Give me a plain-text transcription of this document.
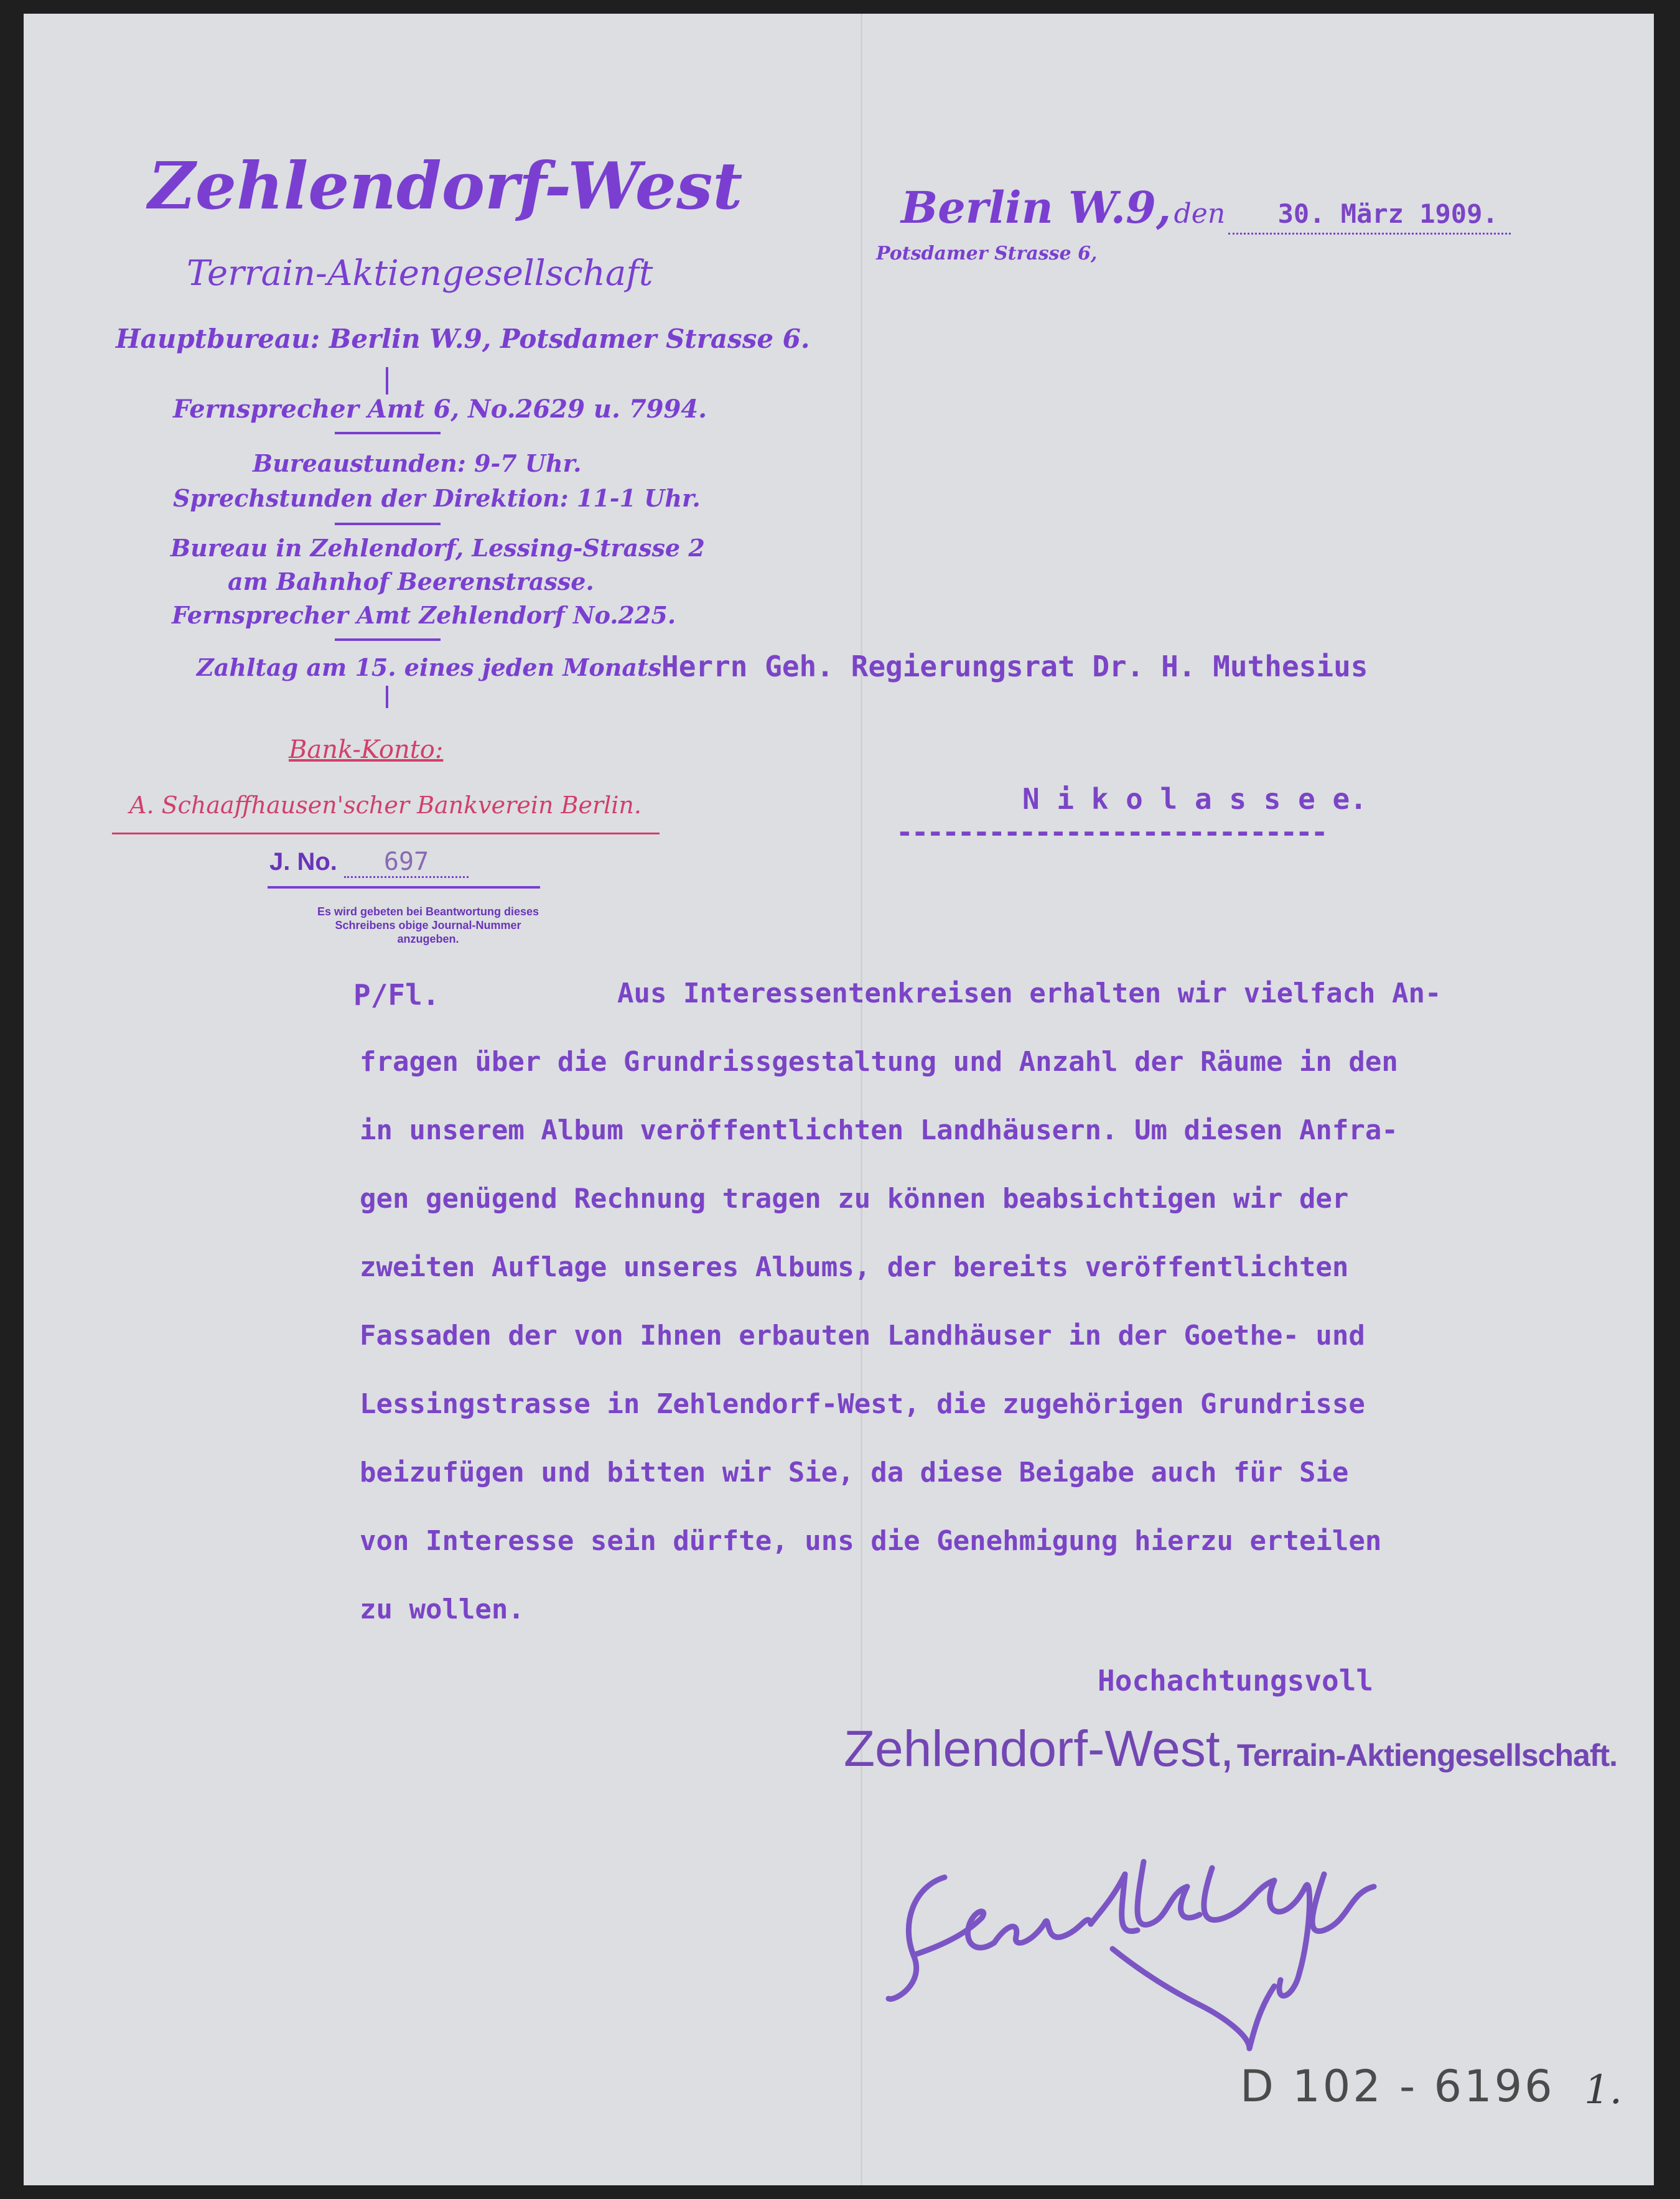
Zehlendorf-West
Terrain-Aktiengesellschaft
Hauptbureau: Berlin W.9, Potsdamer Strasse 6.
Fernsprecher Amt 6, No.2629 u. 7994.
Bureaustunden: 9-7 Uhr.
Sprechstunden der Direktion: 11-1 Uhr.
Bureau in Zehlendorf, Lessing-Strasse 2
am Bahnhof Beerenstrasse.
Fernsprecher Amt Zehlendorf No.225.
Zahltag am 15. eines jeden Monats.
Bank-Konto:
A. Schaaffhausen'scher Bankverein Berlin.
J. No. 697
Es wird gebeten bei Beantwortung dieses
Schreibens obige Journal-Nummer
anzugeben.
P/Fl.
Berlin W.9, den 30. März 1909.
Potsdamer Strasse 6,
Herrn Geh. Regierungsrat Dr. H. Muthesius
N i k o l a s s e e.
----------------------------
Aus Interessentenkreisen erhalten wir vielfach An-
fragen über die Grundrissgestaltung und Anzahl der Räume in den
in unserem Album veröffentlichten Landhäusern. Um diesen Anfra-
gen genügend Rechnung tragen zu können beabsichtigen wir der
zweiten Auflage unseres Albums, der bereits veröffentlichten
Fassaden der von Ihnen erbauten Landhäuser in der Goethe- und
Lessingstrasse in Zehlendorf-West, die zugehörigen Grundrisse
beizufügen und bitten wir Sie, da diese Beigabe auch für Sie
von Interesse sein dürfte, uns die Genehmigung hierzu erteilen
zu wollen.
Hochachtungsvoll
Zehlendorf-West, Terrain-Aktiengesellschaft.
D 102 - 6196 1.
